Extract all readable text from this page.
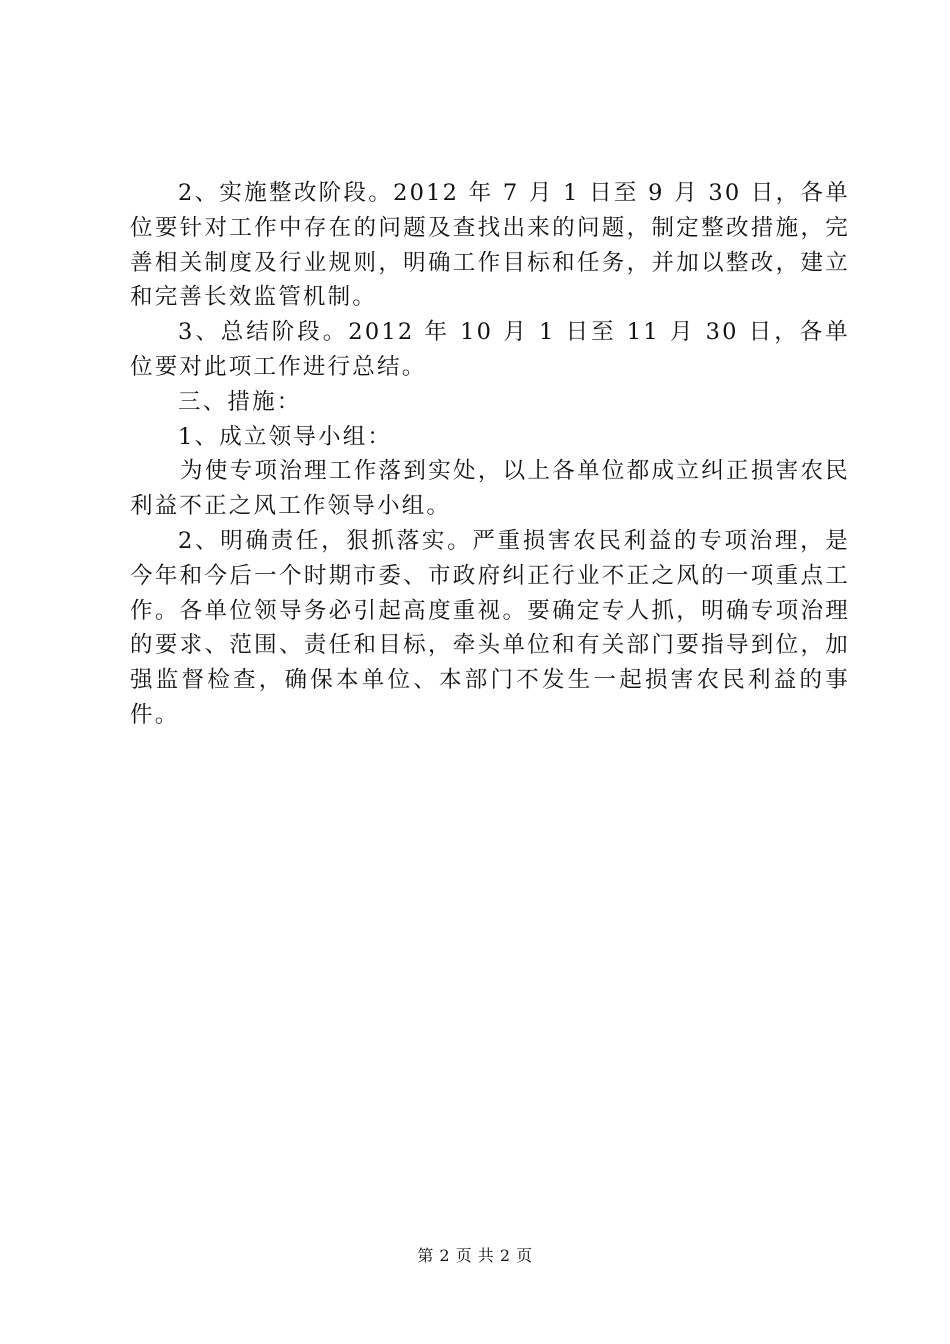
2、实施整改阶段。2012 年 7 月 1 日至 9 月 30 日，各单位要针对工作中存在的问题及查找出来的问题，制定整改措施，完善相关制度及行业规则，明确工作目标和任务，并加以整改，建立和完善长效监管机制。

3、总结阶段。2012 年 10 月 1 日至 11 月 30 日，各单位要对此项工作进行总结。

三、措施：

1、成立领导小组：

为使专项治理工作落到实处，以上各单位都成立纠正损害农民利益不正之风工作领导小组。

2、明确责任，狠抓落实。严重损害农民利益的专项治理，是今年和今后一个时期市委、市政府纠正行业不正之风的一项重点工作。各单位领导务必引起高度重视。要确定专人抓，明确专项治理的要求、范围、责任和目标，牵头单位和有关部门要指导到位，加强监督检查，确保本单位、本部门不发生一起损害农民利益的事件。

第 2 页 共 2 页
